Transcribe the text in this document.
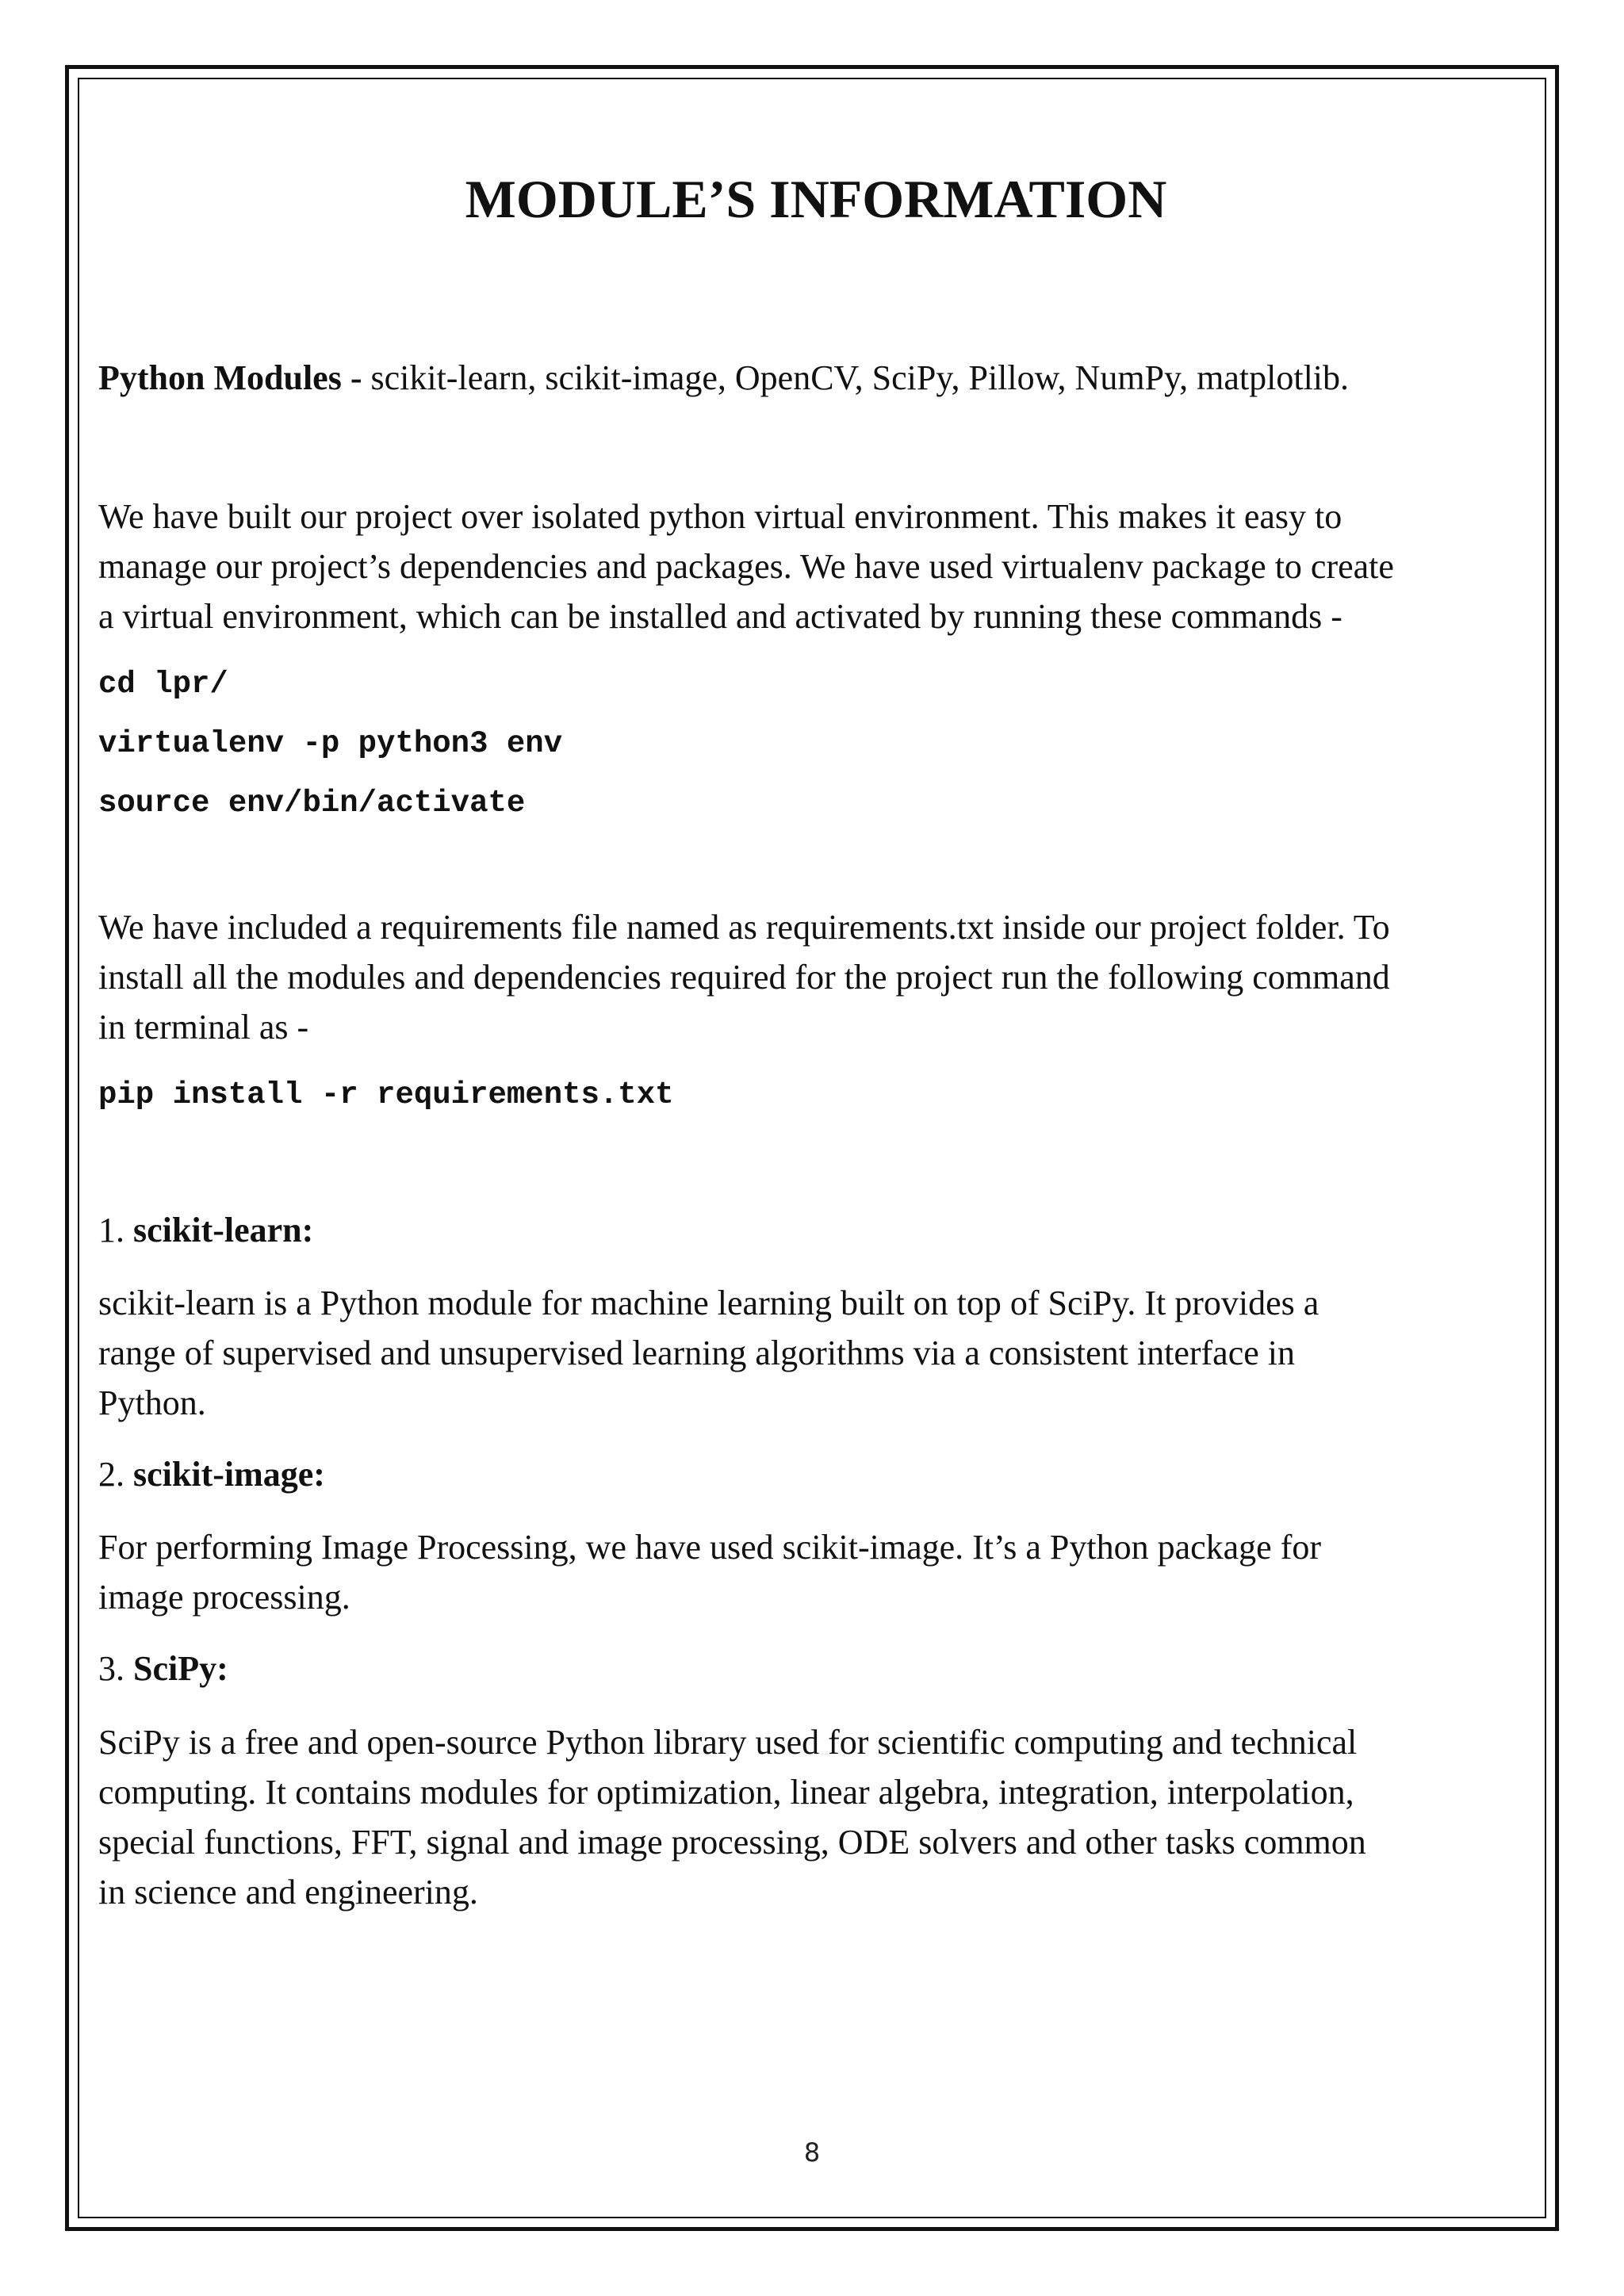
MODULE’S INFORMATION

Python Modules - scikit-learn, scikit-image, OpenCV, SciPy, Pillow, NumPy, matplotlib.

We have built our project over isolated python virtual environment. This makes it easy to
manage our project’s dependencies and packages. We have used virtualenv package to create
a virtual environment, which can be installed and activated by running these commands -
cd lpr/
virtualenv -p python3 env
source env/bin/activate
We have included a requirements file named as requirements.txt inside our project folder. To
install all the modules and dependencies required for the project run the following command
in terminal as -
pip install -r requirements.txt

1. scikit-learn:

scikit-learn is a Python module for machine learning built on top of SciPy. It provides a
range of supervised and unsupervised learning algorithms via a consistent interface in
Python.

2. scikit-image:

For performing Image Processing, we have used scikit-image. It’s a Python package for
image processing.

3. SciPy:

SciPy is a free and open-source Python library used for scientific computing and technical
computing. It contains modules for optimization, linear algebra, integration, interpolation,
special functions, FFT, signal and image processing, ODE solvers and other tasks common
in science and engineering.
8
